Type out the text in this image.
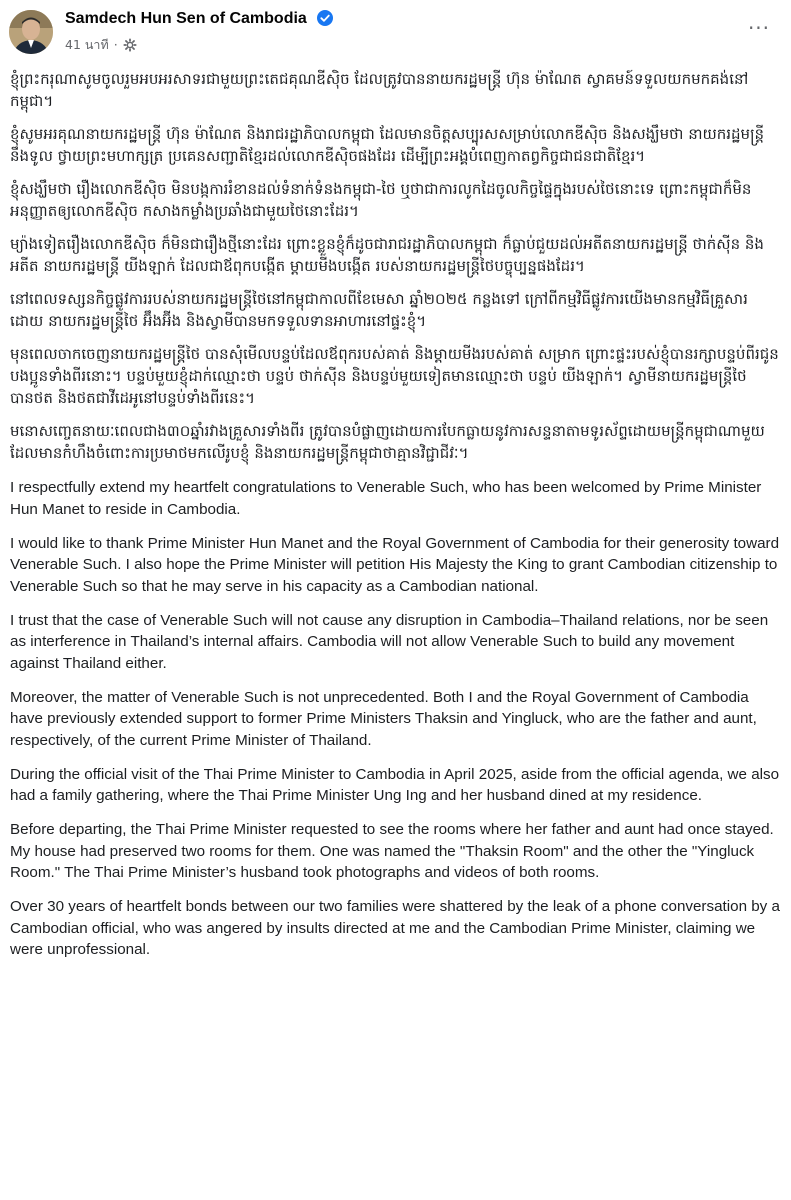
Samdech Hun Sen of Cambodia
41 นาที ·
···

ខ្ញុំព្រះករុណាសូមចូលរួមអបអរសាទរជាមួយព្រះតេជគុណឌីស៊ិច ដែលត្រូវបាននាយករដ្ឋមន្ត្រី ហ៊ុន ម៉ាណែត ស្វាគមន៍ទទួលយកមកគង់នៅកម្ពុជា។

ខ្ញុំសូមអរគុណនាយករដ្ឋមន្ត្រី ហ៊ុន ម៉ាណែត និងរាជរដ្ឋាភិបាលកម្ពុជា ដែលមានចិត្តសប្បុរសសម្រាប់លោកឌីស៊ិច និងសង្ឃឹមថា នាយករដ្ឋមន្ត្រី នឹងទូល ថ្វាយព្រះមហាក្សត្រ ប្រគេនសញ្ជាតិខ្មែរដល់លោកឌីស៊ិចផងដែរ ដើម្បីព្រះអង្គបំពេញកាតព្វកិច្ចជាជនជាតិខ្មែរ។

ខ្ញុំសង្ឃឹមថា រឿងលោកឌីស៊ិច មិនបង្កការរំខានដល់ទំនាក់ទំនងកម្ពុជា-ថៃ ឬថាជាការលូកដៃចូលកិច្ចផ្ទៃក្នុងរបស់ថៃនោះទេ ព្រោះកម្ពុជាក៏មិនអនុញ្ញាតឲ្យលោកឌីស៊ិច កសាងកម្លាំងប្រឆាំងជាមួយថៃនោះដែរ។

ម្យ៉ាងទៀតរឿងលោកឌីស៊ិច ក៏មិនជារឿងថ្មីនោះដែរ ព្រោះខ្លួនខ្ញុំក៏ដូចជារាជរដ្ឋាភិបាលកម្ពុជា ក៏ធ្លាប់ជួយដល់អតីតនាយករដ្ឋមន្ត្រី ថាក់ស៊ីន និងអតីត នាយករដ្ឋមន្ត្រី យីងឡាក់ ដែលជាឪពុកបង្កើត ម្ដាយមីងបង្កើត របស់នាយករដ្ឋមន្ត្រីថៃបច្ចុប្បន្នផងដែរ។

នៅពេលទស្សនកិច្ចផ្លូវការរបស់នាយករដ្ឋមន្ត្រីថៃនៅកម្ពុជាកាលពីខែមេសា ឆ្នាំ២០២៥ កន្លងទៅ ក្រៅពីកម្មវិធីផ្លូវការយើងមានកម្មវិធីគ្រួសារដោយ នាយករដ្ឋមន្ត្រីថៃ អ៊ឹងអ៊ីង និងស្វាមីបានមកទទួលទានអាហារនៅផ្ទះខ្ញុំ។

មុនពេលចាកចេញនាយករដ្ឋមន្ត្រីថៃ បានសុំមើលបន្ទប់ដែលឪពុករបស់គាត់ និងម្ដាយមីងរបស់គាត់ សម្រាក ព្រោះផ្ទះរបស់ខ្ញុំបានរក្សាបន្ទប់ពីរជូន បងប្អូនទាំងពីរនោះ។ បន្ទប់មួយខ្ញុំដាក់ឈ្មោះថា បន្ទប់ ថាក់ស៊ីន និងបន្ទប់មួយទៀតមានឈ្មោះថា បន្ទប់ យីងឡាក់។ ស្វាមីនាយករដ្ឋមន្ត្រីថៃ បានថត និងថតជាវីដេអូនៅបន្ទប់ទាំងពីរនេះ។

មនោសញ្ចេតនាយៈពេលជាង៣០ឆ្នាំរវាងគ្រួសារទាំងពីរ ត្រូវបានបំផ្លាញដោយការបែកធ្លាយនូវការសន្ទនាតាមទូរស័ព្ទដោយមន្ត្រីកម្ពុជាណាមួយ ដែលមានកំហឹងចំពោះការប្រមាថមកលើរូបខ្ញុំ និងនាយករដ្ឋមន្ត្រីកម្ពុជាថាគ្មានវិជ្ជាជីវៈ។

I respectfully extend my heartfelt congratulations to Venerable Such, who has been welcomed by Prime Minister Hun Manet to reside in Cambodia.

I would like to thank Prime Minister Hun Manet and the Royal Government of Cambodia for their generosity toward Venerable Such. I also hope the Prime Minister will petition His Majesty the King to grant Cambodian citizenship to Venerable Such so that he may serve in his capacity as a Cambodian national.

I trust that the case of Venerable Such will not cause any disruption in Cambodia–Thailand relations, nor be seen as interference in Thailand’s internal affairs. Cambodia will not allow Venerable Such to build any movement against Thailand either.

Moreover, the matter of Venerable Such is not unprecedented. Both I and the Royal Government of Cambodia have previously extended support to former Prime Ministers Thaksin and Yingluck, who are the father and aunt, respectively, of the current Prime Minister of Thailand.

During the official visit of the Thai Prime Minister to Cambodia in April 2025, aside from the official agenda, we also had a family gathering, where the Thai Prime Minister Ung Ing and her husband dined at my residence.

Before departing, the Thai Prime Minister requested to see the rooms where her father and aunt had once stayed. My house had preserved two rooms for them. One was named the "Thaksin Room" and the other the "Yingluck Room." The Thai Prime Minister’s husband took photographs and videos of both rooms.

Over 30 years of heartfelt bonds between our two families were shattered by the leak of a phone conversation by a Cambodian official, who was angered by insults directed at me and the Cambodian Prime Minister, claiming we were unprofessional.
